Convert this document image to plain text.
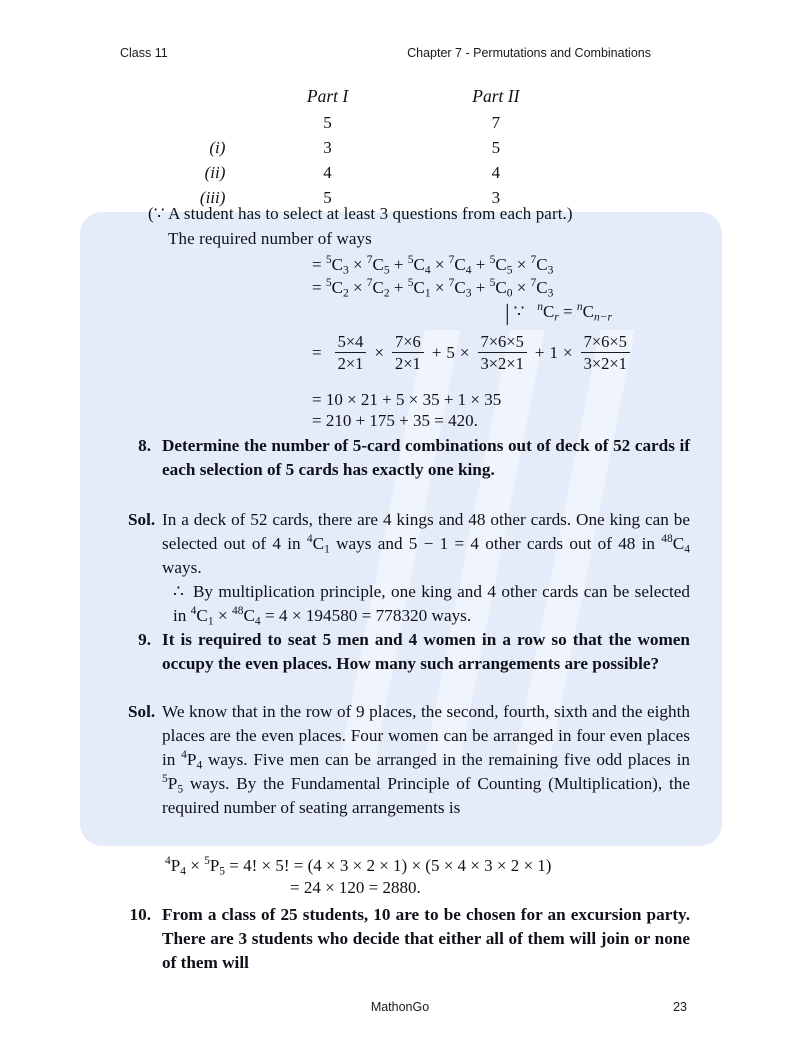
Class 11	Chapter 7 - Permutations and Combinations
	Part I	Part II
	5	7
(i)	3	5
(ii)	4	4
(iii)	5	3
(∵ A student has to select at least 3 questions from each part.)
The required number of ways
= $^5C_3 \times ^7C_5 + ^5C_4 \times ^7C_4 + ^5C_5 \times ^7C_3$
= $^5C_2 \times ^7C_2 + ^5C_1 \times ^7C_3 + ^5C_0 \times ^7C_3$
| ∵   $^nC_r = ^nC_{n-r}$
= $\frac{5\times 4}{2\times 1} \times \frac{7\times 6}{2\times 1} + 5 \times \frac{7\times 6\times 5}{3\times 2\times 1} + 1 \times \frac{7\times 6\times 5}{3\times 2\times 1}$
= 10 × 21 + 5 × 35 + 1 × 35
= 210 + 175 + 35 = 420.
8. Determine the number of 5-card combinations out of deck of 52 cards if each selection of 5 cards has exactly one king.
Sol. In a deck of 52 cards, there are 4 kings and 48 other cards. One king can be selected out of 4 in $^4C_1$ ways and 5 − 1 = 4 other cards out of 48 in $^{48}C_4$ ways.
∴ By multiplication principle, one king and 4 other cards can be selected in $^4C_1 \times ^{48}C_4 = 4 \times 194580 = 778320$ ways.
9. It is required to seat 5 men and 4 women in a row so that the women occupy the even places. How many such arrangements are possible?
Sol. We know that in the row of 9 places, the second, fourth, sixth and the eighth places are the even places. Four women can be arranged in four even places in $^4P_4$ ways. Five men can be arranged in the remaining five odd places in $^5P_5$ ways. By the Fundamental Principle of Counting (Multiplication), the required number of seating arrangements is
$^4P_4 \times ^5P_5 = 4$! × 5! = (4 × 3 × 2 × 1) × (5 × 4 × 3 × 2 × 1)
= 24 × 120 = 2880.
10. From a class of 25 students, 10 are to be chosen for an excursion party. There are 3 students who decide that either all of them will join or none of them will
MathonGo	23
